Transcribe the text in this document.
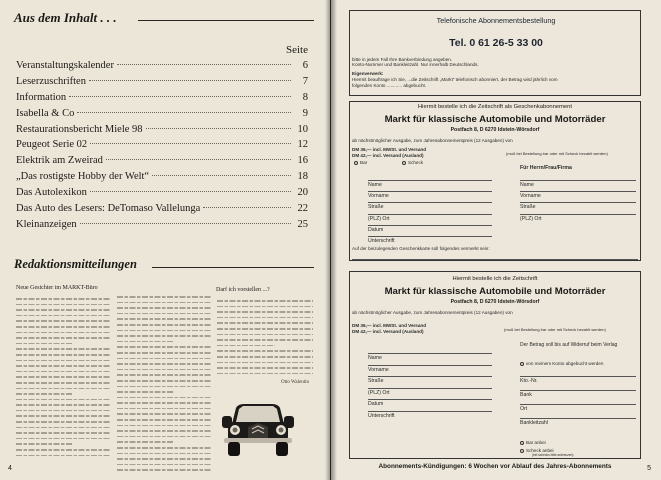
Aus dem Inhalt . . .
Seite
Veranstaltungskalender	6
Leserzuschriften	7
Information	8
Isabella & Co	9
Restaurationsbericht Miele 98	10
Peugeot Serie 02	12
Elektrik am Zweirad	16
„Das rostigste Hobby der Welt“	18
Das Autolexikon	20
Das Auto des Lesers: DeTomaso Vallelunga	22
Kleinanzeigen	25
Redaktionsmitteilungen
Neue Gesichter im MARKT-Büro	Darf ich vorstellen ...?
Otto Walentin
4
Telefonische Abonnementsbestellung
Tel. 0 61 26-5 33 00
bitte in jedem Fall Ihre Bankverbindung angeben.
Konto-Nummer und Bankleitzahl. Nur innerhalb Deutschlands.
Eigenverwerk:
Hiermit beauftrage ich Sie, ...die Zeitschrift „Markt“ telefonisch abonniert, der Betrag wird jährlich vom
folgenden Konto ............ abgebucht.
Hiermit bestelle ich die Zeitschrift als Geschenkabonnement
Markt für klassische Automobile und Motorräder
Postfach 8, D 6270 Idstein-Wörsdorf
ab nächstmöglicher Ausgabe, zum Jahresabonnementpreis (12 Ausgaben) von
DM 36,— incl. MWSt. und Versand
DM 42,— incl. Versand (Ausland)	(muß bei Bestellung bar oder mit Scheck bezahlt werden)
Bar	Scheck
Für Herrn/Frau/Firma
Name
Vorname
Straße
(PLZ) Ort
Datum
Unterschrift
Name
Vorname
Straße
(PLZ) Ort
Auf der beizulegenden Geschenkkarte soll folgendes vermerkt sein:
Hiermit bestelle ich die Zeitschrift
Markt für klassische Automobile und Motorräder
Postfach 8, D 6270 Idstein-Wörsdorf
ab nächstmöglicher Ausgabe, zum Jahresabonnementpreis (12 Ausgaben) von
DM 36,— incl. MWSt. und Versand
DM 42,— incl. Versand (Ausland)	(muß bei Bestellung bar oder mit Scheck bezahlt werden)
Name
Vorname
Straße
(PLZ) Ort
Datum
Unterschrift
Der Betrag soll bis auf Widerruf beim Verlag
von meinem Konto abgebucht werden
Kto.-Nr.
Bank
Ort
Bankleitzahl
Bar anbei
Scheck anbei
(bei schecks bitte ankreuzen)
Abonnements-Kündigungen: 6 Wochen vor Ablauf des Jahres-Abonnements	5
